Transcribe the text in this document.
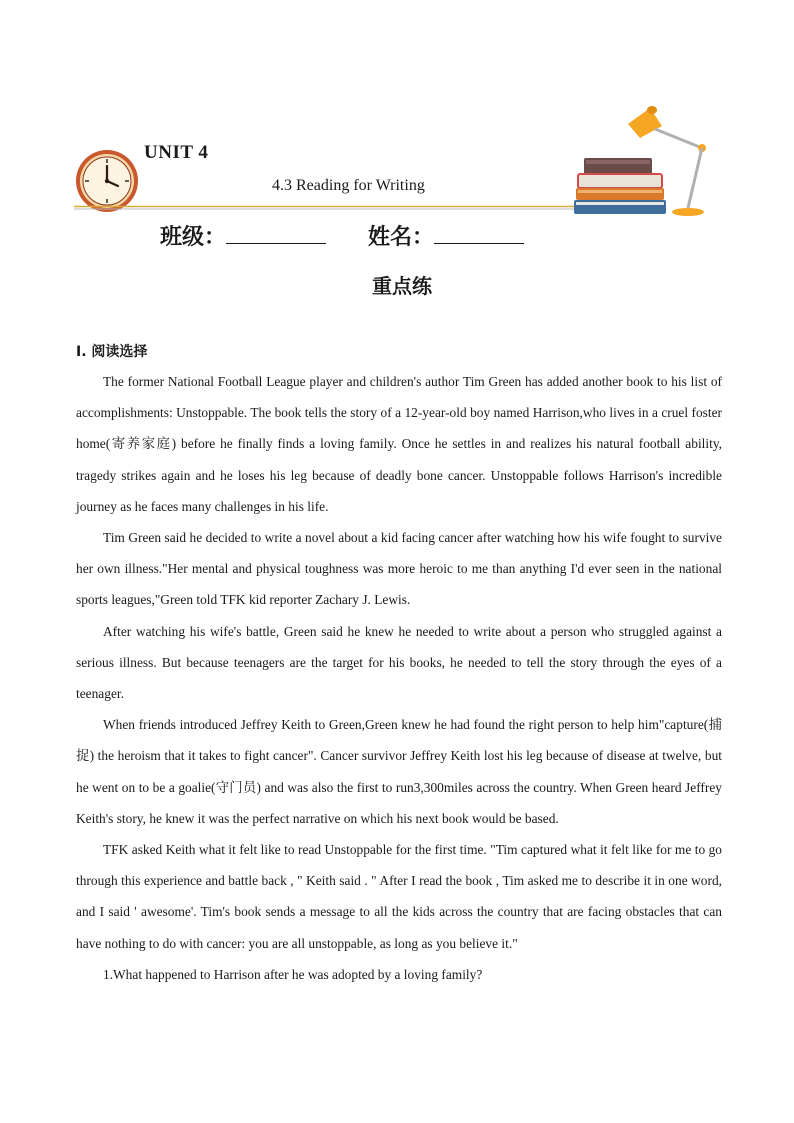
UNIT 4
4.3 Reading for Writing
班级：	姓名：
重点练
I. 阅读选择

The former National Football League player and children's author Tim Green has added another book to his list of accomplishments: Unstoppable. The book tells the story of a 12-year-old boy named Harrison,who lives in a cruel foster home(寄养家庭) before he finally finds a loving family. Once he settles in and realizes his natural football ability, tragedy strikes again and he loses his leg because of deadly bone cancer. Unstoppable follows Harrison's incredible journey as he faces many challenges in his life.

Tim Green said he decided to write a novel about a kid facing cancer after watching how his wife fought to survive her own illness."Her mental and physical toughness was more heroic to me than anything I'd ever seen in the national sports leagues,"Green told TFK kid reporter Zachary J. Lewis.

After watching his wife's battle, Green said he knew he needed to write about a person who struggled against a serious illness. But because teenagers are the target for his books, he needed to tell the story through the eyes of a teenager.

When friends introduced Jeffrey Keith to Green,Green knew he had found the right person to help him"capture(捕捉) the heroism that it takes to fight cancer". Cancer survivor Jeffrey Keith lost his leg because of disease at twelve, but he went on to be a goalie(守门员) and was also the first to run3,300miles across the country. When Green heard Jeffrey Keith's story, he knew it was the perfect narrative on which his next book would be based.

TFK asked Keith what it felt like to read Unstoppable for the first time. "Tim captured what it felt like for me to go through this experience and battle back , " Keith said . " After I read the book , Tim asked me to describe it in one word, and I said ' awesome'. Tim's book sends a message to all the kids across the country that are facing obstacles that can have nothing to do with cancer: you are all unstoppable, as long as you believe it."

1.What happened to Harrison after he was adopted by a loving family?
